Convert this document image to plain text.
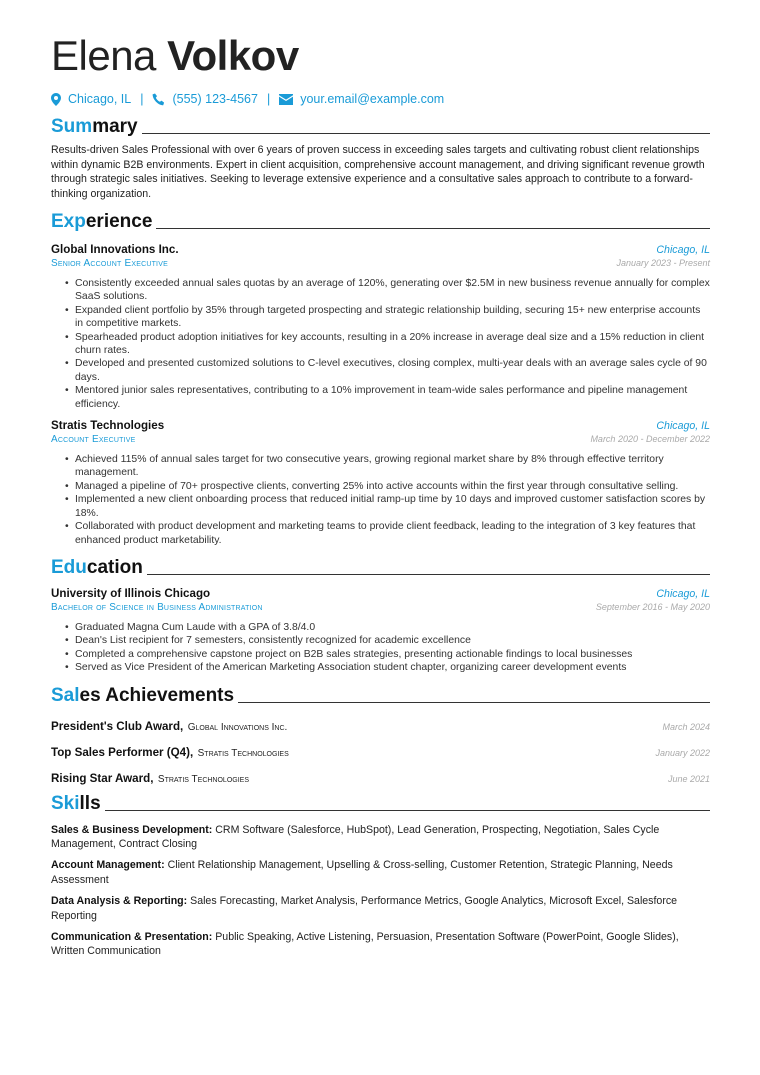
Elena Volkov
Chicago, IL | (555) 123-4567 | your.email@example.com
Summary
Results-driven Sales Professional with over 6 years of proven success in exceeding sales targets and cultivating robust client relationships within dynamic B2B environments. Expert in client acquisition, comprehensive account management, and driving significant revenue growth through strategic sales initiatives. Seeking to leverage extensive experience and a consultative sales approach to contribute to a forward-thinking organization.
Experience
Global Innovations Inc.	Chicago, IL
Senior Account Executive	January 2023 - Present
• Consistently exceeded annual sales quotas by an average of 120%, generating over $2.5M in new business revenue annually for complex SaaS solutions.
• Expanded client portfolio by 35% through targeted prospecting and strategic relationship building, securing 15+ new enterprise accounts in competitive markets.
• Spearheaded product adoption initiatives for key accounts, resulting in a 20% increase in average deal size and a 15% reduction in client churn rates.
• Developed and presented customized solutions to C-level executives, closing complex, multi-year deals with an average sales cycle of 90 days.
• Mentored junior sales representatives, contributing to a 10% improvement in team-wide sales performance and pipeline management efficiency.
Stratis Technologies	Chicago, IL
Account Executive	March 2020 - December 2022
• Achieved 115% of annual sales target for two consecutive years, growing regional market share by 8% through effective territory management.
• Managed a pipeline of 70+ prospective clients, converting 25% into active accounts within the first year through consultative selling.
• Implemented a new client onboarding process that reduced initial ramp-up time by 10 days and improved customer satisfaction scores by 18%.
• Collaborated with product development and marketing teams to provide client feedback, leading to the integration of 3 key features that enhanced product marketability.
Education
University of Illinois Chicago	Chicago, IL
Bachelor of Science in Business Administration	September 2016 - May 2020
• Graduated Magna Cum Laude with a GPA of 3.8/4.0
• Dean's List recipient for 7 semesters, consistently recognized for academic excellence
• Completed a comprehensive capstone project on B2B sales strategies, presenting actionable findings to local businesses
• Served as Vice President of the American Marketing Association student chapter, organizing career development events
Sales Achievements
President's Club Award, Global Innovations Inc.	March 2024
Top Sales Performer (Q4), Stratis Technologies	January 2022
Rising Star Award, Stratis Technologies	June 2021
Skills
Sales & Business Development: CRM Software (Salesforce, HubSpot), Lead Generation, Prospecting, Negotiation, Sales Cycle Management, Contract Closing
Account Management: Client Relationship Management, Upselling & Cross-selling, Customer Retention, Strategic Planning, Needs Assessment
Data Analysis & Reporting: Sales Forecasting, Market Analysis, Performance Metrics, Google Analytics, Microsoft Excel, Salesforce Reporting
Communication & Presentation: Public Speaking, Active Listening, Persuasion, Presentation Software (PowerPoint, Google Slides), Written Communication
